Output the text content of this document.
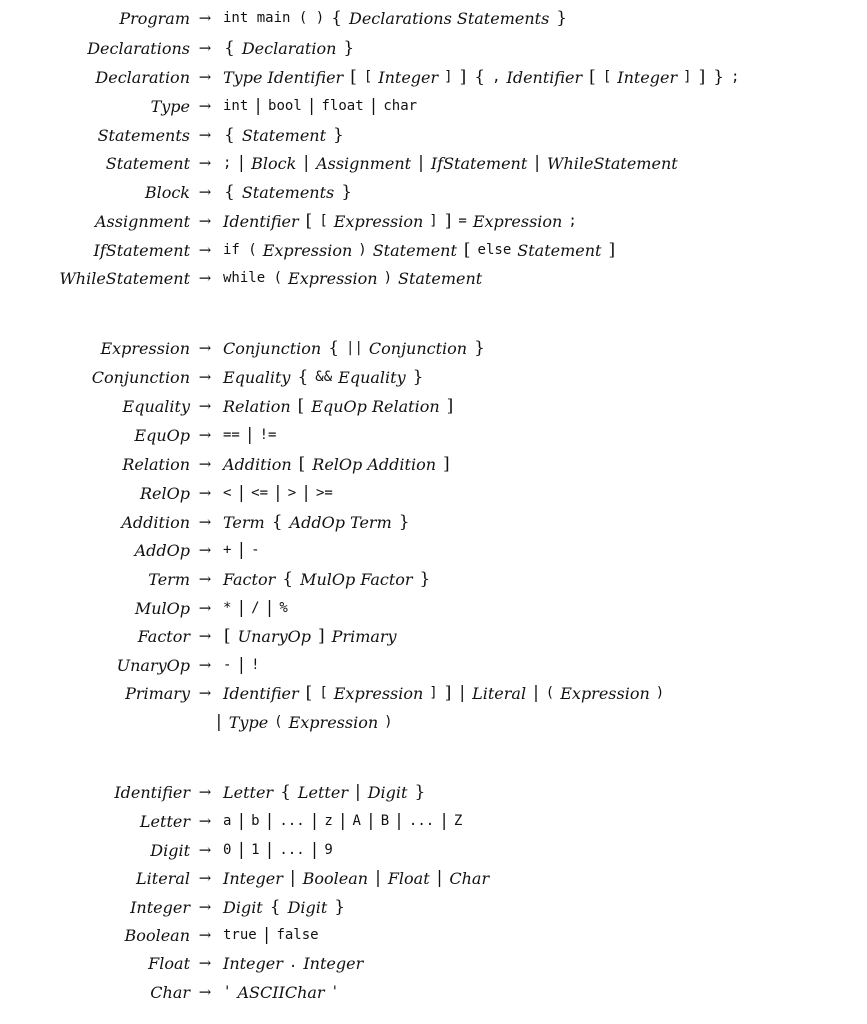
Program → int main ( ) { Declarations Statements }
Declarations → { Declaration }
Declaration → Type Identifier [ [ Integer ] ] { , Identifier [ [ Integer ] ] } ;
Type → int | bool | float | char
Statements → { Statement }
Statement → ; | Block | Assignment | IfStatement | WhileStatement
Block → { Statements }
Assignment → Identifier [ [ Expression ] ] = Expression ;
IfStatement → if ( Expression ) Statement [ else Statement ]
WhileStatement → while ( Expression ) Statement
Expression → Conjunction { || Conjunction }
Conjunction → Equality { && Equality }
Equality → Relation [ EquOp Relation ]
EquOp → == | !=
Relation → Addition [ RelOp Addition ]
RelOp → < | <= | > | >=
Addition → Term { AddOp Term }
AddOp → + | -
Term → Factor { MulOp Factor }
MulOp → * | / | %
Factor → [ UnaryOp ] Primary
UnaryOp → - | !
Primary → Identifier [ [ Expression ] ] | Literal | ( Expression )
| Type ( Expression )
Identifier → Letter { Letter | Digit }
Letter → a | b | ... | z | A | B | ... | Z
Digit → 0 | 1 | ... | 9
Literal → Integer | Boolean | Float | Char
Integer → Digit { Digit }
Boolean → true | false
Float → Integer . Integer
Char → ' ASCIIChar '
